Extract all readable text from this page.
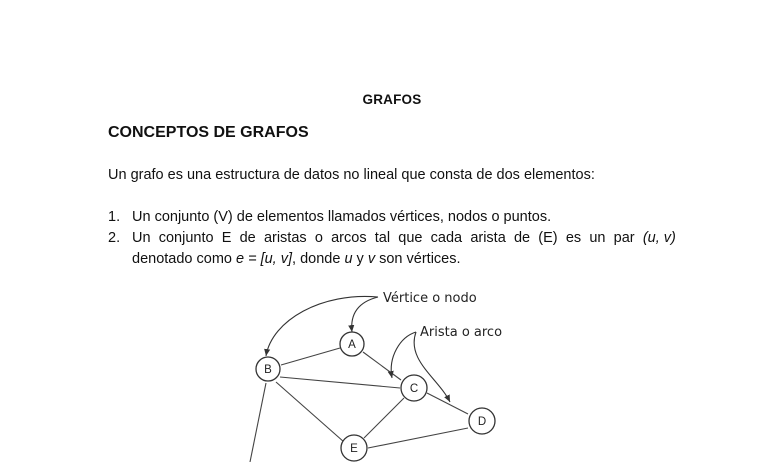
GRAFOS
CONCEPTOS DE GRAFOS
Un grafo es una estructura de datos no lineal que consta de dos elementos:
1. Un conjunto (V) de elementos llamados vértices, nodos o puntos.
2. Un conjunto E de aristas o arcos tal que cada arista de (E) es un par (u, v)
denotado como e = [u, v], donde u y v son vértices.
Vértice o nodo
Arista o arco
A
B
C
D
E
